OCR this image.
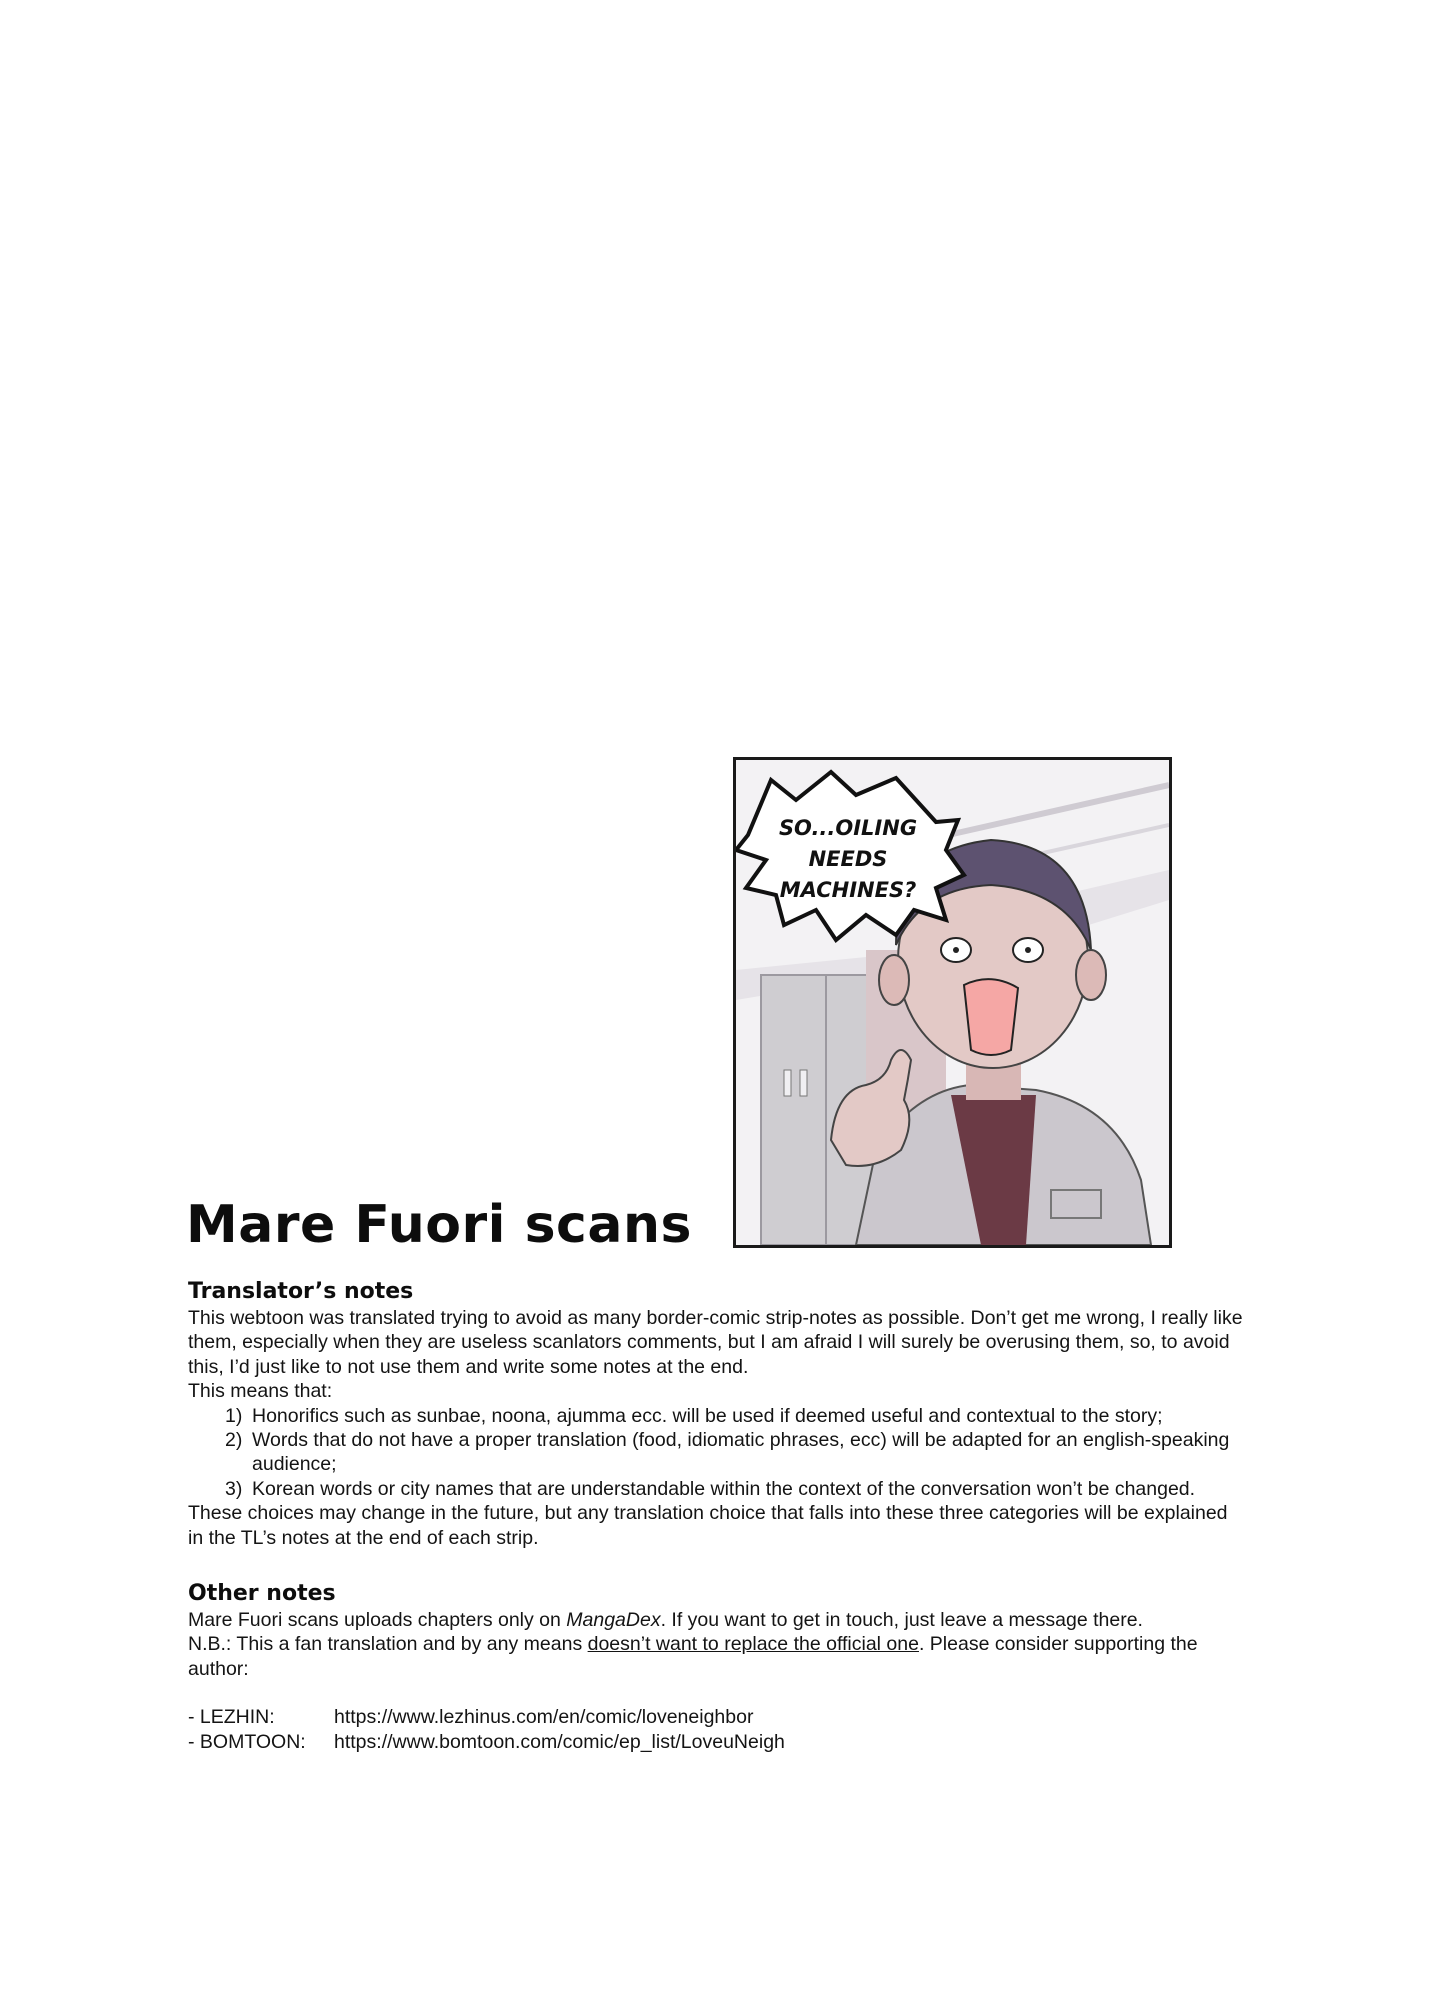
SO...OILING
NEEDS
MACHINES?
Mare Fuori scans
Translator’s notes

This webtoon was translated trying to avoid as many border-comic strip-notes as possible. Don’t get me wrong, I really like them, especially when they are useless scanlators comments, but I am afraid I will surely be overusing them, so, to avoid this, I’d just like to not use them and write some notes at the end.

This means that:

1) Honorifics such as sunbae, noona, ajumma ecc. will be used if deemed useful and contextual to the story;
2) Words that do not have a proper translation (food, idiomatic phrases, ecc) will be adapted for an english-speaking audience;
3) Korean words or city names that are understandable within the context of the conversation won’t be changed.

These choices may change in the future, but any translation choice that falls into these three categories will be explained in the TL’s notes at the end of each strip.

Other notes

Mare Fuori scans uploads chapters only on MangaDex. If you want to get in touch, just leave a message there.

N.B.: This a fan translation and by any means doesn’t want to replace the official one. Please consider supporting the author:

- LEZHIN:	https://www.lezhinus.com/en/comic/loveneighbor
- BOMTOON:	https://www.bomtoon.com/comic/ep_list/LoveuNeigh
